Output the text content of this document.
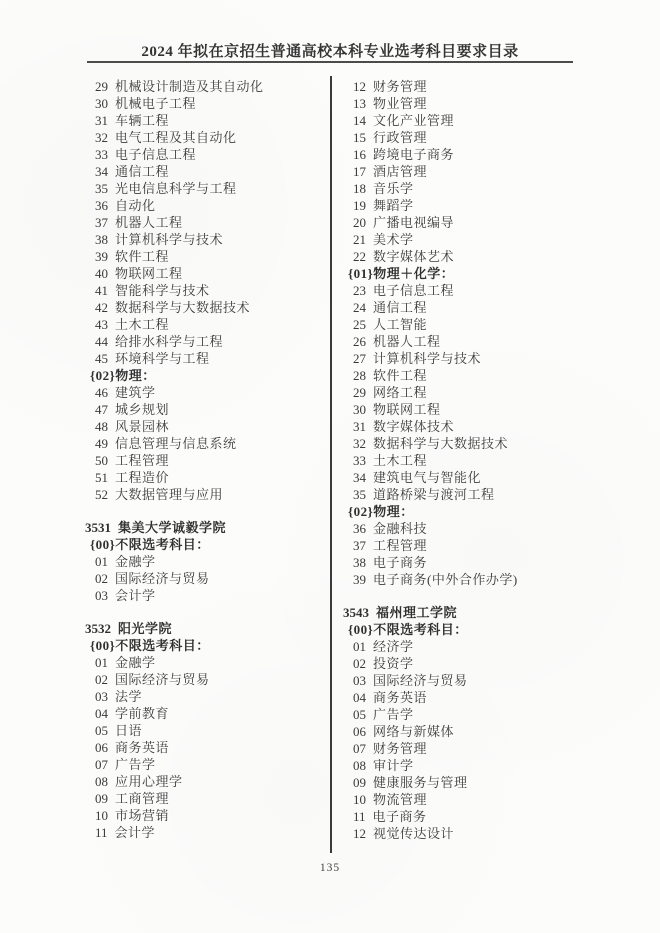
2024 年拟在京招生普通高校本科专业选考科目要求目录
29 机械设计制造及其自动化
30 机械电子工程
31 车辆工程
32 电气工程及其自动化
33 电子信息工程
34 通信工程
35 光电信息科学与工程
36 自动化
37 机器人工程
38 计算机科学与技术
39 软件工程
40 物联网工程
41 智能科学与技术
42 数据科学与大数据技术
43 土木工程
44 给排水科学与工程
45 环境科学与工程
{02}物理：
46 建筑学
47 城乡规划
48 风景园林
49 信息管理与信息系统
50 工程管理
51 工程造价
52 大数据管理与应用
3531 集美大学诚毅学院
{00}不限选考科目：
01 金融学
02 国际经济与贸易
03 会计学
3532 阳光学院
{00}不限选考科目：
01 金融学
02 国际经济与贸易
03 法学
04 学前教育
05 日语
06 商务英语
07 广告学
08 应用心理学
09 工商管理
10 市场营销
11 会计学
12 财务管理
13 物业管理
14 文化产业管理
15 行政管理
16 跨境电子商务
17 酒店管理
18 音乐学
19 舞蹈学
20 广播电视编导
21 美术学
22 数字媒体艺术
{01}物理＋化学：
23 电子信息工程
24 通信工程
25 人工智能
26 机器人工程
27 计算机科学与技术
28 软件工程
29 网络工程
30 物联网工程
31 数字媒体技术
32 数据科学与大数据技术
33 土木工程
34 建筑电气与智能化
35 道路桥梁与渡河工程
{02}物理：
36 金融科技
37 工程管理
38 电子商务
39 电子商务(中外合作办学)
3543 福州理工学院
{00}不限选考科目：
01 经济学
02 投资学
03 国际经济与贸易
04 商务英语
05 广告学
06 网络与新媒体
07 财务管理
08 审计学
09 健康服务与管理
10 物流管理
11 电子商务
12 视觉传达设计
135
